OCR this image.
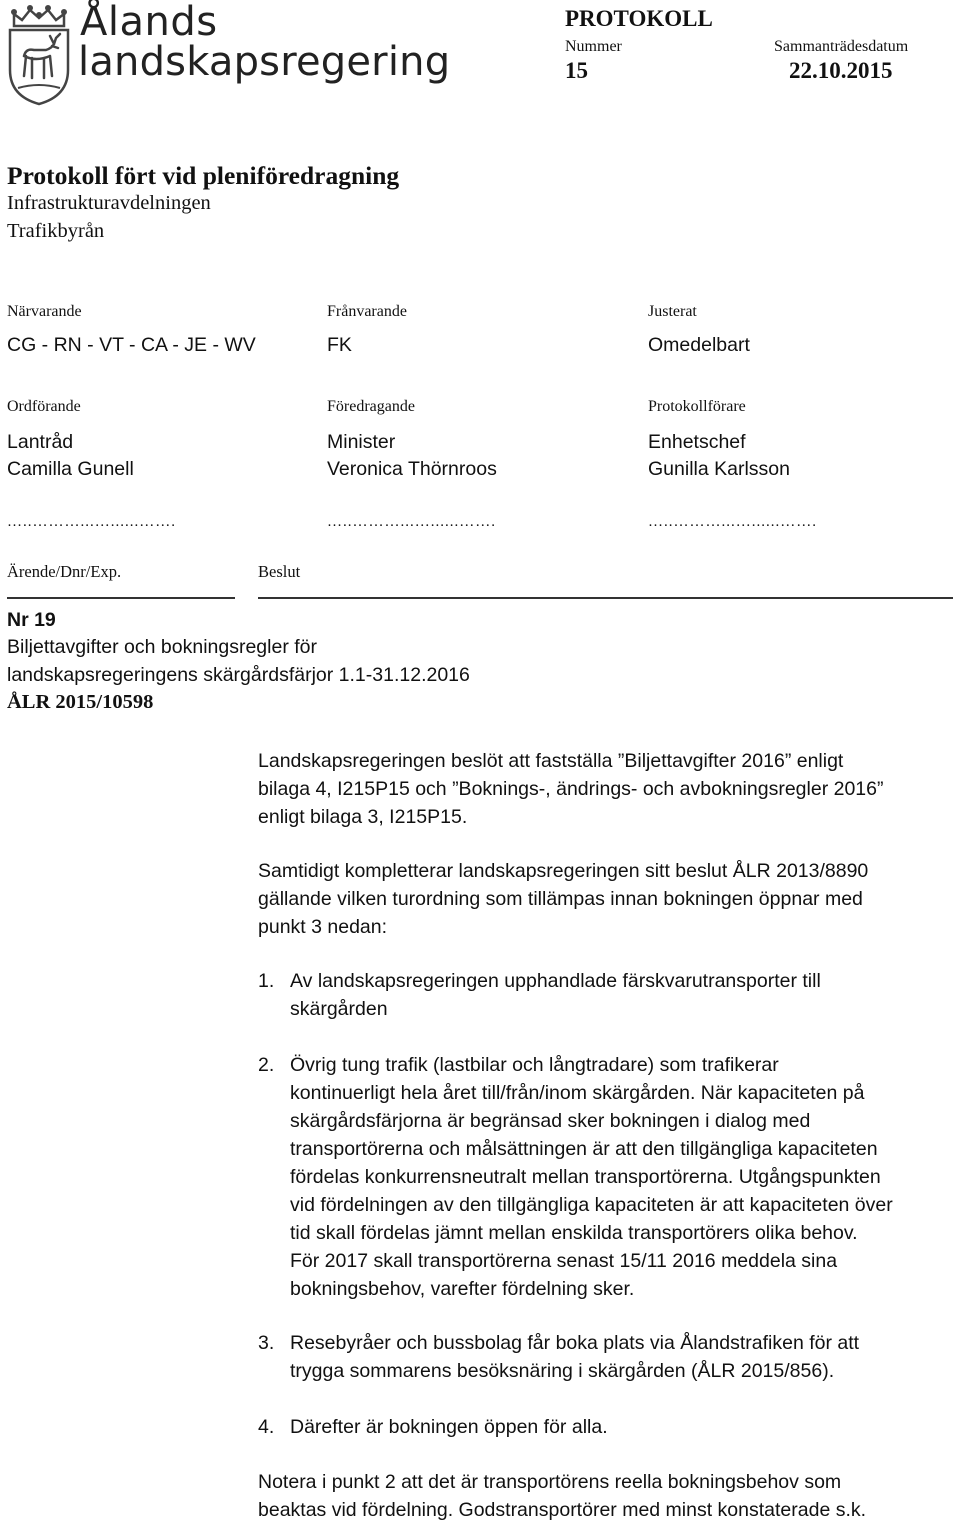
Ålands
landskapsregering
PROTOKOLL
Nummer	Sammanträdesdatum
15	22.10.2015
Protokoll fört vid pleniföredragning
Infrastrukturavdelningen
Trafikbyrån
Närvarande	Frånvarande	Justerat
CG - RN - VT - CA - JE - WV	FK	Omedelbart
Ordförande	Föredragande	Protokollförare
Lantråd	Minister	Enhetschef
Camilla Gunell	Veronica Thörnroos	Gunilla Karlsson
…..………...…......…….	…..………...…......…….	…..………...…......…….
Ärende/Dnr/Exp.	Beslut
Nr 19
Biljettavgifter och bokningsregler för
landskapsregeringens skärgårdsfärjor 1.1-31.12.2016
ÅLR 2015/10598

Landskapsregeringen beslöt att fastställa ”Biljettavgifter 2016” enligt

bilaga 4, I215P15 och ”Boknings-, ändrings- och avbokningsregler 2016”

enligt bilaga 3, I215P15.

Samtidigt kompletterar landskapsregeringen sitt beslut ÅLR 2013/8890

gällande vilken turordning som tillämpas innan bokningen öppnar med

punkt 3 nedan:

1. Av landskapsregeringen upphandlade färskvarutransporter till
skärgården
2. Övrig tung trafik (lastbilar och långtradare) som trafikerar
kontinuerligt hela året till/från/inom skärgården. När kapaciteten på
skärgårdsfärjorna är begränsad sker bokningen i dialog med
transportörerna och målsättningen är att den tillgängliga kapaciteten
fördelas konkurrensneutralt mellan transportörerna. Utgångspunkten
vid fördelningen av den tillgängliga kapaciteten är att kapaciteten över
tid skall fördelas jämnt mellan enskilda transportörers olika behov.
För 2017 skall transportörerna senast 15/11 2016 meddela sina
bokningsbehov, varefter fördelning sker.
3. Resebyråer och bussbolag får boka plats via Ålandstrafiken för att
trygga sommarens besöksnäring i skärgården (ÅLR 2015/856).
4. Därefter är bokningen öppen för alla.

Notera i punkt 2 att det är transportörens reella bokningsbehov som

beaktas vid fördelning. Godstransportörer med minst konstaterade s.k.
